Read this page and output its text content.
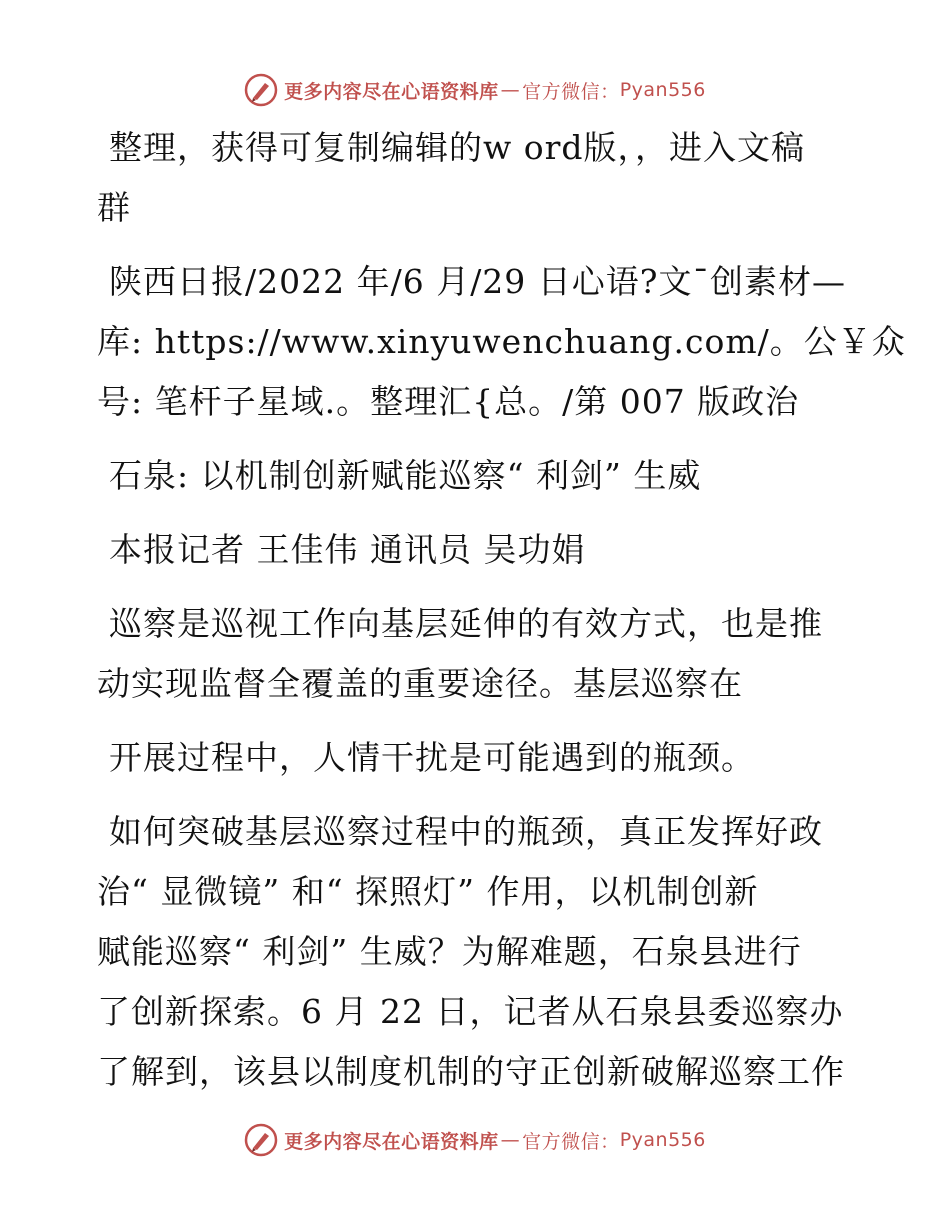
更多内容尽在心语资料库 — 官方微信： Pyan556
整理，获得可复制编辑的w ord版，，进入文稿
群
陕西日报/2022 年/6 月/29 日心语?文¯创素材—
库: https://www.xinyuwenchuang.com/。公￥众
号: 笔杆子星域.。整理汇{总。/第 007 版政治
石泉: 以机制创新赋能巡察“ 利剑” 生威
本报记者 王佳伟 通讯员 吴功娟
巡察是巡视工作向基层延伸的有效方式，也是推
动实现监督全覆盖的重要途径。基层巡察在
开展过程中，人情干扰是可能遇到的瓶颈。
如何突破基层巡察过程中的瓶颈，真正发挥好政
治“ 显微镜” 和“ 探照灯” 作用，以机制创新
赋能巡察“ 利剑” 生威？为解难题，石泉县进行
了创新探索。6 月 22 日，记者从石泉县委巡察办
了解到，该县以制度机制的守正创新破解巡察工作
更多内容尽在心语资料库 — 官方微信： Pyan556
